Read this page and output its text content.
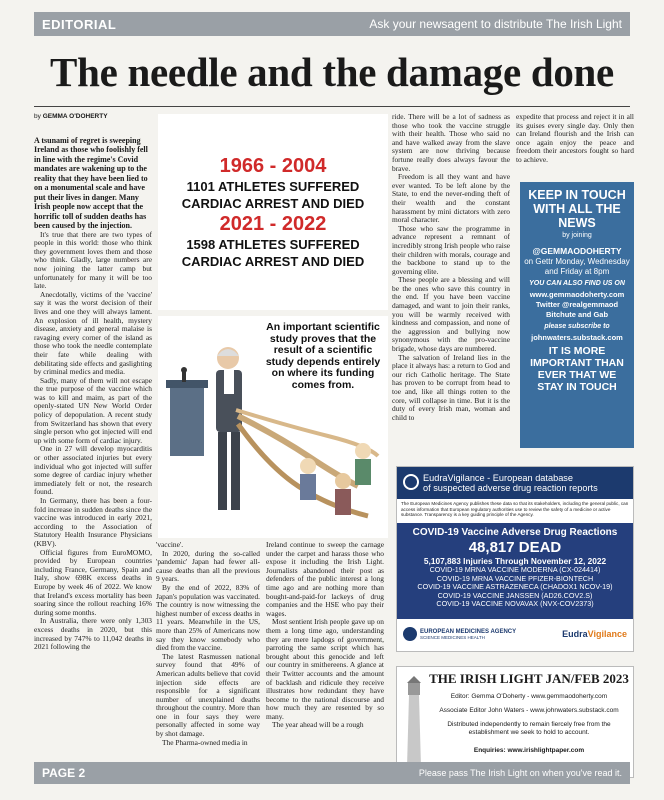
EDITORIAL	Ask your newsagent to distribute The Irish Light
The needle and the damage done
by GEMMA O'DOHERTY

A tsunami of regret is sweeping Ireland as those who foolishly fell in line with the regime's Covid mandates are wakening up to the reality that they have been lied to on a monumental scale and have put their lives in danger. Many Irish people now accept that the horrific toll of sudden deaths has been caused by the injection.

It's true that there are two types of people in this world: those who think they government loves them and those who think. Gladly, large numbers are now joining the latter camp but unfortunately for many it will be too late.

Anecdotally, victims of the 'vaccine' say it was the worst decision of their lives and one they will always lament. An explosion of ill health, mystery disease, anxiety and general malaise is ravaging every corner of the island as those who took the needle contemplate their fate while dealing with debilitating side effects and gaslighting by criminal medics and media.

Sadly, many of them will not escape the true purpose of the vaccine which was to kill and maim, as part of the openly-stated UN New World Order policy of depopulation. A recent study from Switzerland has shown that every single person who got injected will end up with some form of cardiac injury.

One in 27 will develop myocarditis or other associated injuries but every individual who got injected will suffer some degree of cardiac injury whether immediately felt or not, the research found.

In Germany, there has been a four-fold increase in sudden deaths since the vaccine was introduced in early 2021, according to the Association of Statutory Health Insurance Physicians (KBV).

Official figures from EuroMOMO, provided by European countries including France, Germany, Spain and Italy, show 698K excess deaths in Europe by week 46 of 2022. We know that Ireland's excess mortality has been soaring since the rollout reaching 16% during some months.

In Australia, there were only 1,303 excess deaths in 2020, but this increased by 747% to 11,042 deaths in 2021 following the

1966 - 2004
1101 ATHLETES SUFFERED CARDIAC ARREST AND DIED
2021 - 2022
1598 ATHLETES SUFFERED CARDIAC ARREST AND DIED
An important scientific study proves that the result of a scientific study depends entirely on where its funding comes from.

'vaccine'.

In 2020, during the so-called 'pandemic' Japan had fewer all-cause deaths than all the previous 9 years.

By the end of 2022, 83% of Japan's population was vaccinated. The country is now witnessing the highest number of excess deaths in 11 years. Meanwhile in the US, more than 25% of Americans now say they know somebody who died from the vaccine.

The latest Rasmussen national survey found that 49% of American adults believe that covid injection side effects are responsible for a significant number of unexplained deaths throughout the country. More than one in four says they were personally affected in some way by shot damage.

The Pharma-owned media in

Ireland continue to sweep the carnage under the carpet and harass those who expose it including the Irish Light. Journalists abandoned their post as defenders of the public interest a long time ago and are nothing more than bought-and-paid-for lackeys of drug companies and the HSE who pay their wages.

Most sentient Irish people gave up on them a long time ago, understanding they are mere lapdogs of government, parroting the same script which has brought about this genocide and left our country in smithereens. A glance at their Twitter accounts and the amount of backlash and ridicule they receive illustrates how redundant they have become to the national discourse and how much they are resented by so many.

The year ahead will be a rough

ride. There will be a lot of sadness as those who took the vaccine struggle with their health. Those who said no and have walked away from the slave system are now thriving because fortune really does always favour the brave.

Freedom is all they want and have ever wanted. To be left alone by the State, to end the never-ending theft of their wealth and the constant harassment by mini dictators with zero moral character.

Those who saw the programme in advance represent a remnant of incredibly strong Irish people who raise their children with morals, courage and the backbone to stand up to the governing elite.

These people are a blessing and will be the ones who save this country in the end. If you have been vaccine damaged, and want to join their ranks, you will be warmly received with kindness and compassion, and none of the aggression and bullying now synonymous with the pro-vaccine brigade, whose days are numbered.

The salvation of Ireland lies in the place it always has: a return to God and our rich Catholic heritage. The State has proven to be corrupt from head to toe and, like all things rotten to the core, will collapse in time. But it is the duty of every Irish man, woman and child to

expedite that process and reject it in all its guises every single day. Only then can Ireland flourish and the Irish can once again enjoy the peace and freedom their ancestors fought so hard to achieve.

KEEP IN TOUCH WITH ALL THE NEWS
by joining
@GEMMAODOHERTY
on Gettr Monday, Wednesday and Friday at 8pm
YOU CAN ALSO FIND US ON
www.gemmaodoherty.com
Twitter @realgemmaod
Bitchute and Gab
please subscribe to
johnwaters.substack.com
IT IS MORE IMPORTANT THAN EVER THAT WE STAY IN TOUCH
EudraVigilance - European database
of suspected adverse drug reaction reports
The European Medicines Agency publishes these data so that its stakeholders, including the general public, can access information that European regulatory authorities use to review the safety of a medicine or active substance. Transparency is a key guiding principle of the Agency.
COVID-19 Vaccine Adverse Drug Reactions
48,817 DEAD
5,107,883 Injuries Through November 12, 2022
COVID-19 MRNA VACCINE MODERNA (CX-024414)
COVID-19 MRNA VACCINE PFIZER-BIONTECH
COVID-19 VACCINE ASTRAZENECA (CHADOX1 NCOV-19)
COVID-19 VACCINE JANSSEN (AD26.COV2.S)
COVID-19 VACCINE NOVAVAX (NVX-COV2373)
EUROPEAN MEDICINES AGENCY
SCIENCE MEDICINES HEALTH	EudraVigilance
THE IRISH LIGHT JAN/FEB 2023
Editor: Gemma O'Doherty - www.gemmaodoherty.com
Associate Editor John Waters - www.johnwaters.substack.com
Distributed independently to remain fiercely free from the establishment we seek to hold to account.
Enquiries: www.irishlightpaper.com
PAGE 2	Please pass The Irish Light on when you've read it.
